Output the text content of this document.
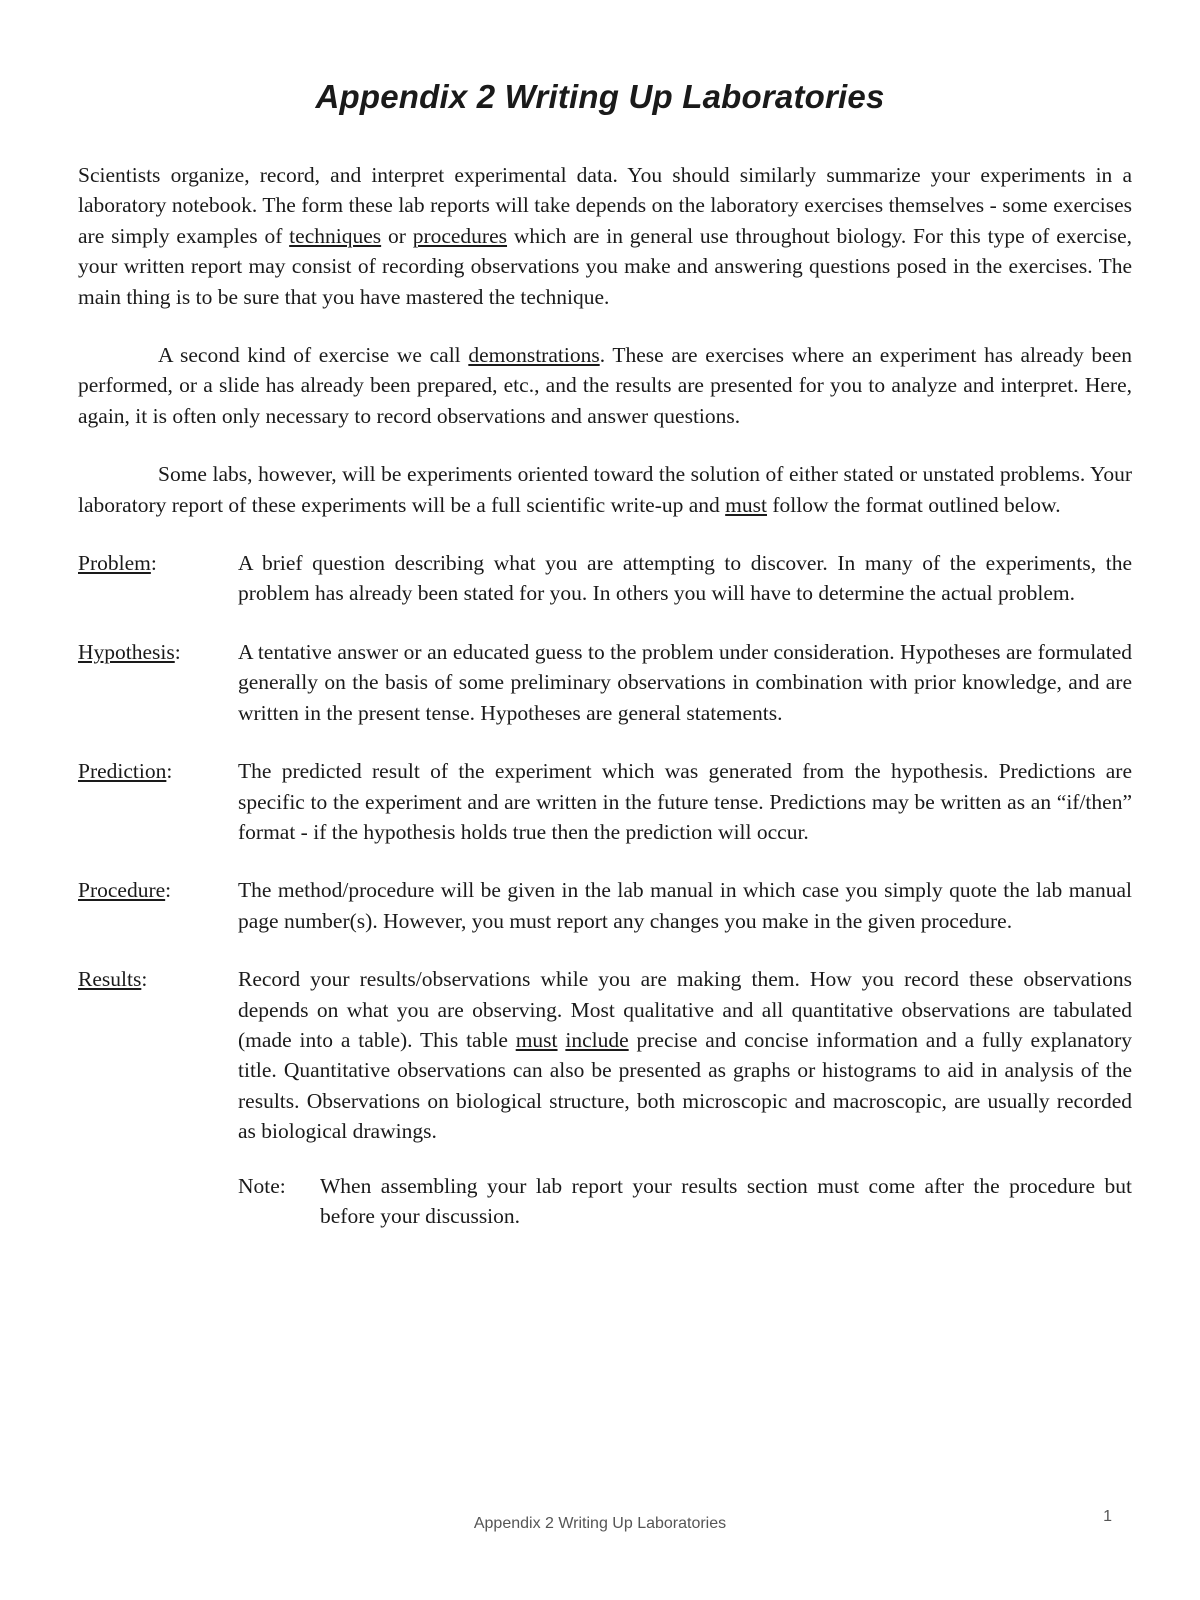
Appendix 2 Writing Up Laboratories

Scientists organize, record, and interpret experimental data. You should similarly summarize your experiments in a laboratory notebook. The form these lab reports will take depends on the laboratory exercises themselves - some exercises are simply examples of techniques or procedures which are in general use throughout biology. For this type of exercise, your written report may consist of recording observations you make and answering questions posed in the exercises. The main thing is to be sure that you have mastered the technique.

A second kind of exercise we call demonstrations. These are exercises where an experiment has already been performed, or a slide has already been prepared, etc., and the results are presented for you to analyze and interpret. Here, again, it is often only necessary to record observations and answer questions.

Some labs, however, will be experiments oriented toward the solution of either stated or unstated problems. Your laboratory report of these experiments will be a full scientific write-up and must follow the format outlined below.

Problem:	A brief question describing what you are attempting to discover. In many of the experiments, the problem has already been stated for you. In others you will have to determine the actual problem.
Hypothesis:	A tentative answer or an educated guess to the problem under consideration. Hypotheses are formulated generally on the basis of some preliminary observations in combination with prior knowledge, and are written in the present tense. Hypotheses are general statements.
Prediction:	The predicted result of the experiment which was generated from the hypothesis. Predictions are specific to the experiment and are written in the future tense. Predictions may be written as an “if/then” format - if the hypothesis holds true then the prediction will occur.
Procedure:	The method/procedure will be given in the lab manual in which case you simply quote the lab manual page number(s). However, you must report any changes you make in the given procedure.
Results:	Record your results/observations while you are making them. How you record these observations depends on what you are observing. Most qualitative and all quantitative observations are tabulated (made into a table). This table must include precise and concise information and a fully explanatory title. Quantitative observations can also be presented as graphs or histograms to aid in analysis of the results. Observations on biological structure, both microscopic and macroscopic, are usually recorded as biological drawings.
Note: When assembling your lab report your results section must come after the procedure but before your discussion.
Appendix 2 Writing Up Laboratories	1
